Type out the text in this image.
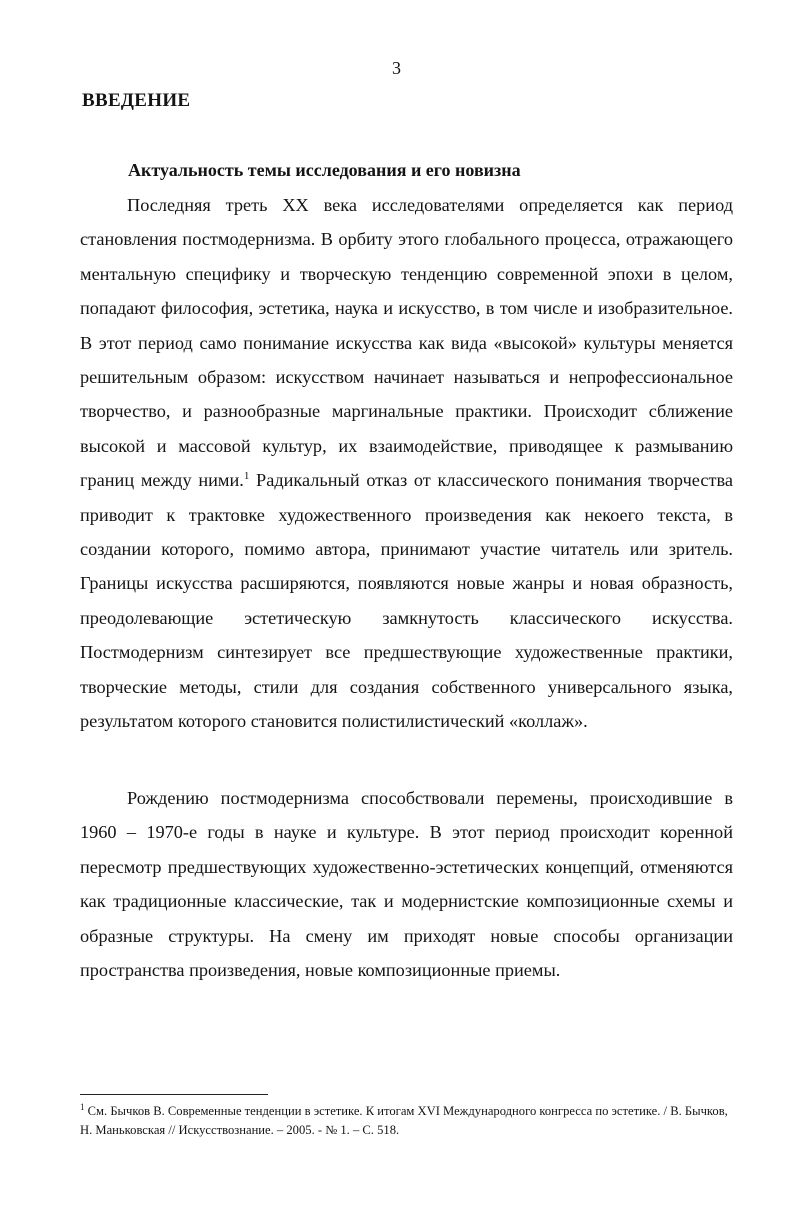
3
ВВЕДЕНИЕ
Актуальность темы исследования и его новизна

Последняя треть XX века исследователями определяется как период становления постмодернизма. В орбиту этого глобального процесса, отражающего ментальную специфику и творческую тенденцию современной эпохи в целом, попадают философия, эстетика, наука и искусство, в том числе и изобразительное. В этот период само понимание искусства как вида «высокой» культуры меняется решительным образом: искусством начинает называться и непрофессиональное творчество, и разнообразные маргинальные практики. Происходит сближение высокой и массовой культур, их взаимодействие, приводящее к размыванию границ между ними.$^1$ Радикальный отказ от классического понимания творчества приводит к трактовке художественного произведения как некоего текста, в создании которого, помимо автора, принимают участие читатель или зритель. Границы искусства расширяются, появляются новые жанры и новая образность, преодолевающие эстетическую замкнутость классического искусства. Постмодернизм синтезирует все предшествующие художественные практики, творческие методы, стили для создания собственного универсального языка, результатом которого становится полистилистический «коллаж».

Рождению постмодернизма способствовали перемены, происходившие в 1960 – 1970-е годы в науке и культуре. В этот период происходит коренной пересмотр предшествующих художественно-эстетических концепций, отменяются как традиционные классические, так и модернистские композиционные схемы и образные структуры. На смену им приходят новые способы организации пространства произведения, новые композиционные приемы.

$^1$ См. Бычков В. Современные тенденции в эстетике. К итогам XVI Международного конгресса по эстетике. / В. Бычков, Н. Маньковская // Искусствознание. – 2005. - № 1. – С. 518.
